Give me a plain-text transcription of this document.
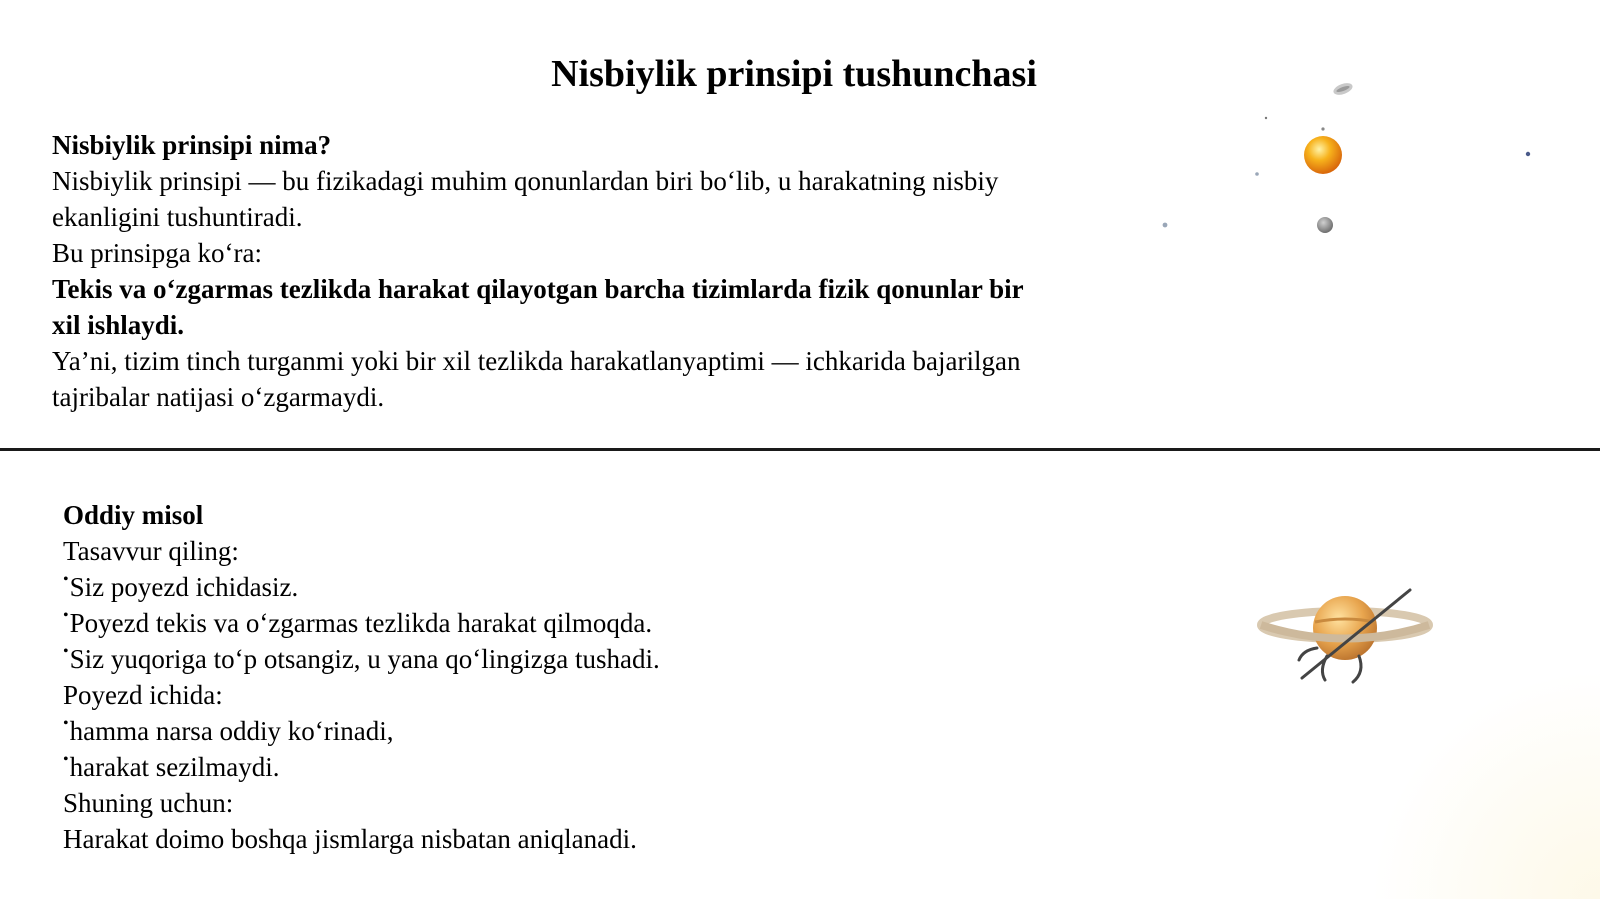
Nisbiylik prinsipi tushunchasi

Nisbiylik prinsipi nima?

Nisbiylik prinsipi — bu fizikadagi muhim qonunlardan biri bo‘lib, u harakatning nisbiy

ekanligini tushuntiradi.

Bu prinsipga ko‘ra:

Tekis va o‘zgarmas tezlikda harakat qilayotgan barcha tizimlarda fizik qonunlar bir

xil ishlaydi.

Ya’ni, tizim tinch turganmi yoki bir xil tezlikda harakatlanyaptimi — ichkarida bajarilgan

tajribalar natijasi o‘zgarmaydi.

Oddiy misol

Tasavvur qiling:

•Siz poyezd ichidasiz.

•Poyezd tekis va o‘zgarmas tezlikda harakat qilmoqda.

•Siz yuqoriga to‘p otsangiz, u yana qo‘lingizga tushadi.

Poyezd ichida:

•hamma narsa oddiy ko‘rinadi,

•harakat sezilmaydi.

Shuning uchun:

Harakat doimo boshqa jismlarga nisbatan aniqlanadi.
